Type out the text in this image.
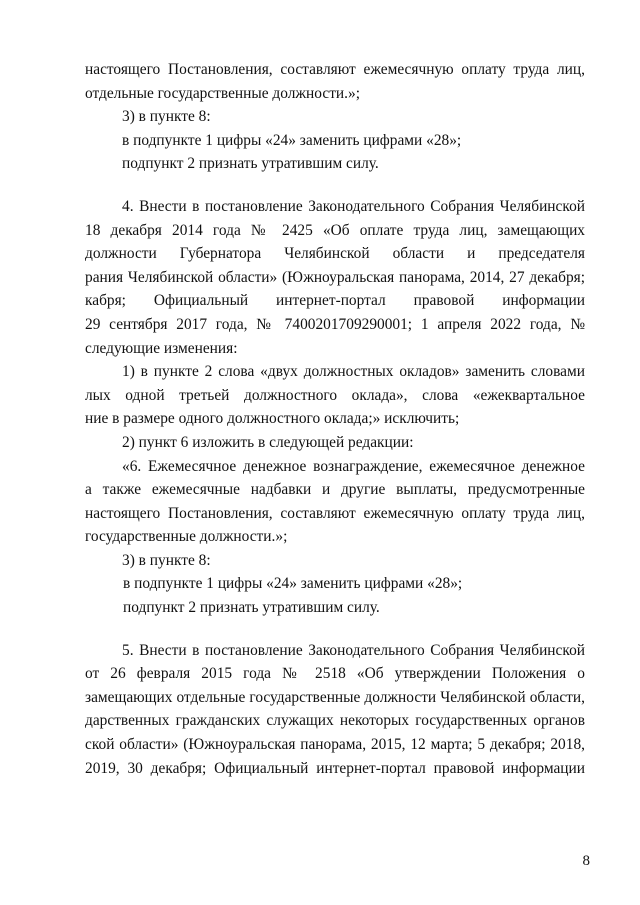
настоящего Постановления, составляют ежемесячную оплату труда лиц,
отдельные государственные должности.»;
3) в пункте 8:
в подпункте 1 цифры «24» заменить цифрами «28»;
подпункт 2 признать утратившим силу.
4. Внести в постановление Законодательного Собрания Челябинской
18 декабря 2014 года № 2425 «Об оплате труда лиц, замещающих
должности Губернатора Челябинской области и председателя
рания Челябинской области» (Южноуральская панорама, 2014, 27 декабря;
кабря; Официальный интернет-портал правовой информации
29 сентября 2017 года, № 7400201709290001; 1 апреля 2022 года, №
следующие изменения:
1) в пункте 2 слова «двух должностных окладов» заменить словами
лых одной третьей должностного оклада», слова «ежеквартальное
ние в размере одного должностного оклада;» исключить;
2) пункт 6 изложить в следующей редакции:
«6. Ежемесячное денежное вознаграждение, ежемесячное денежное
а также ежемесячные надбавки и другие выплаты, предусмотренные
настоящего Постановления, составляют ежемесячную оплату труда лиц,
государственные должности.»;
3) в пункте 8:
в подпункте 1 цифры «24» заменить цифрами «28»;
подпункт 2 признать утратившим силу.
5. Внести в постановление Законодательного Собрания Челябинской
от 26 февраля 2015 года № 2518 «Об утверждении Положения о
замещающих отдельные государственные должности Челябинской области,
дарственных гражданских служащих некоторых государственных органов
ской области» (Южноуральская панорама, 2015, 12 марта; 5 декабря; 2018,
2019, 30 декабря; Официальный интернет-портал правовой информации
8
